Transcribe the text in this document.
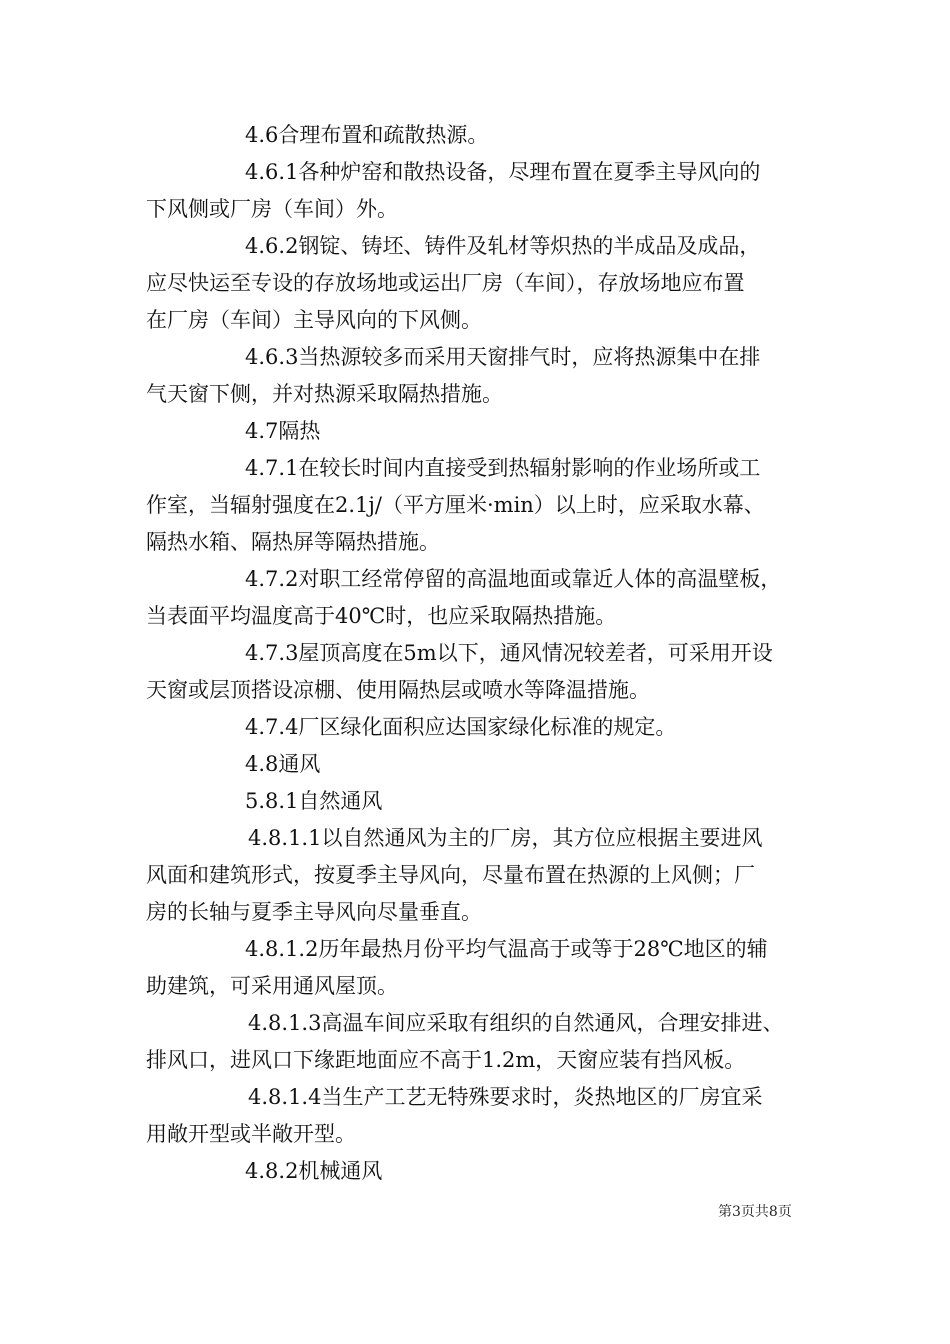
4.6合理布置和疏散热源。
4.6.1各种炉窑和散热设备，尽理布置在夏季主导风向的
下风侧或厂房（车间）外。
4.6.2钢锭、铸坯、铸件及轧材等炽热的半成品及成品，
应尽快运至专设的存放场地或运出厂房（车间），存放场地应布置
在厂房（车间）主导风向的下风侧。
4.6.3当热源较多而采用天窗排气时，应将热源集中在排
气天窗下侧，并对热源采取隔热措施。
4.7隔热
4.7.1在较长时间内直接受到热辐射影响的作业场所或工
作室，当辐射强度在2.1j/（平方厘米·min）以上时，应采取水幕、
隔热水箱、隔热屏等隔热措施。
4.7.2对职工经常停留的高温地面或靠近人体的高温壁板，
当表面平均温度高于40℃时，也应采取隔热措施。
4.7.3屋顶高度在5m以下，通风情况较差者，可采用开设
天窗或层顶搭设凉棚、使用隔热层或喷水等降温措施。
4.7.4厂区绿化面积应达国家绿化标准的规定。
4.8通风
5.8.1自然通风
4.8.1.1以自然通风为主的厂房，其方位应根据主要进风
风面和建筑形式，按夏季主导风向，尽量布置在热源的上风侧；厂
房的长轴与夏季主导风向尽量垂直。
4.8.1.2历年最热月份平均气温高于或等于28℃地区的辅
助建筑，可采用通风屋顶。
4.8.1.3高温车间应采取有组织的自然通风，合理安排进、
排风口，进风口下缘距地面应不高于1.2m，天窗应装有挡风板。
4.8.1.4当生产工艺无特殊要求时，炎热地区的厂房宜采
用敞开型或半敞开型。
4.8.2机械通风
第3页共8页
